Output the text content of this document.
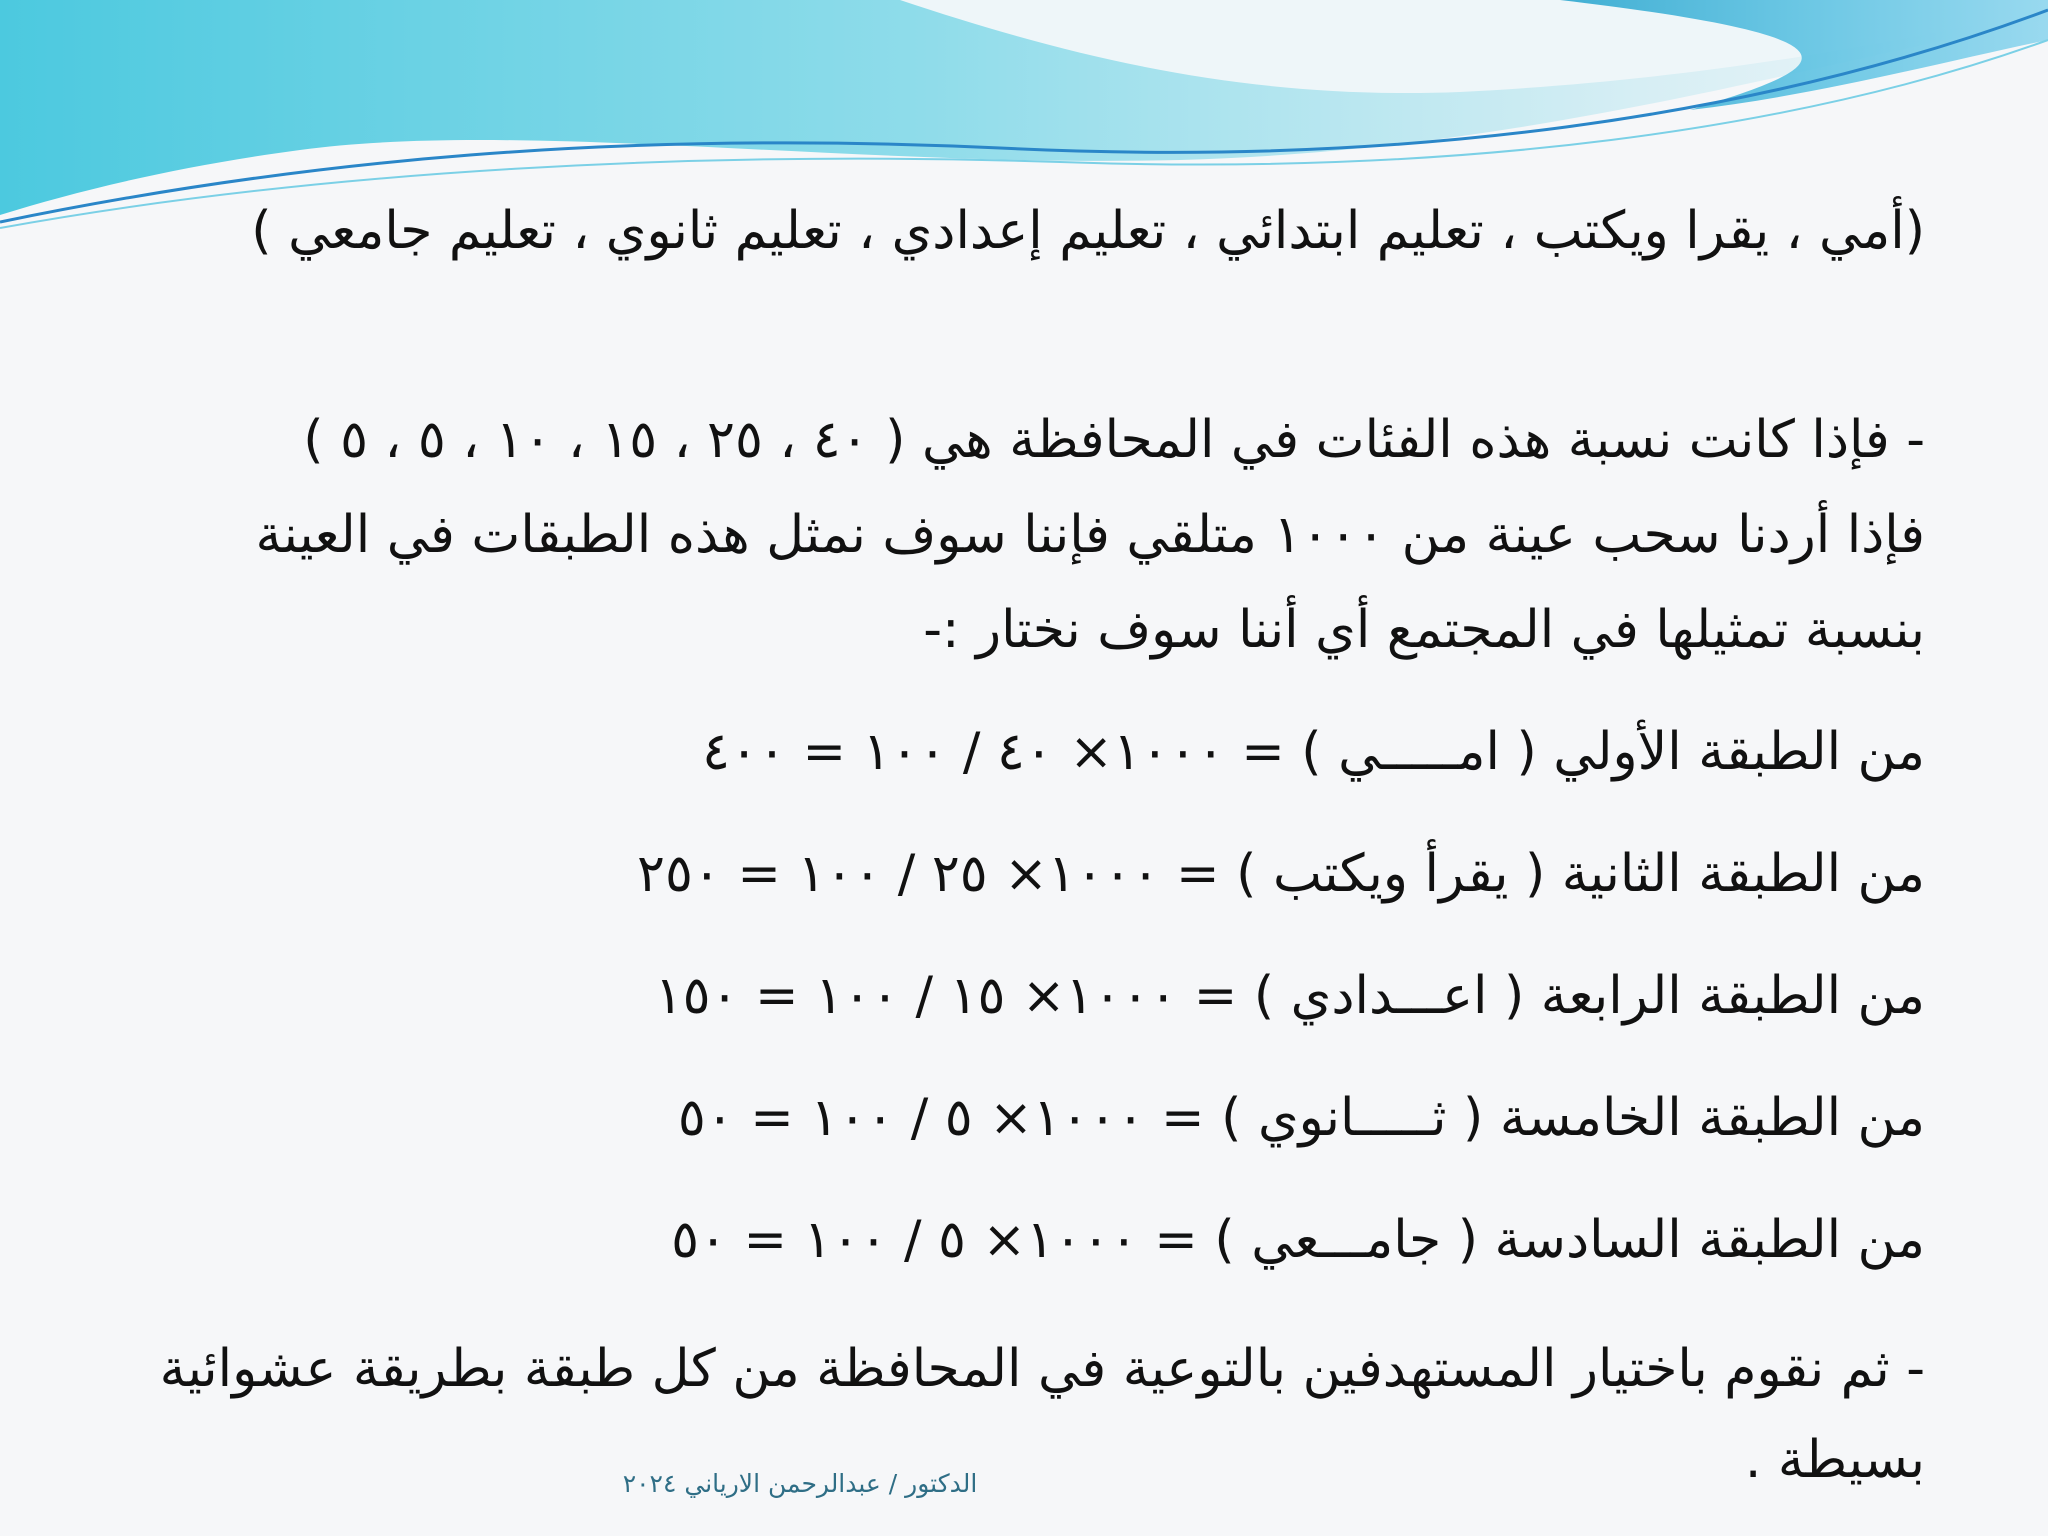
(أمي ، يقرا ويكتب ، تعليم ابتدائي ، تعليم إعدادي ، تعليم ثانوي ، تعليم جامعي )
- فإذا كانت نسبة هذه الفئات في المحافظة هي ( ٤٠ ، ٢٥ ، ١٥ ، ١٠ ، ٥ ، ٥ )
فإذا أردنا سحب عينة من ١٠٠٠ متلقي فإننا سوف نمثل هذه الطبقات في العينة
بنسبة تمثيلها في المجتمع أي أننا سوف نختار :-
من الطبقة الأولي ( امـــــي ) = ١٠٠٠× ٤٠ / ١٠٠ = ٤٠٠
من الطبقة الثانية ( يقرأ ويكتب ) = ١٠٠٠× ٢٥ / ١٠٠ = ٢٥٠
من الطبقة الرابعة ( اعـــدادي ) = ١٠٠٠× ١٥ / ١٠٠ = ١٥٠
من الطبقة الخامسة ( ثـــــانوي ) = ١٠٠٠× ٥ / ١٠٠ = ٥٠
من الطبقة السادسة ( جامـــعي ) = ١٠٠٠× ٥ / ١٠٠ = ٥٠
- ثم نقوم باختيار المستهدفين بالتوعية في المحافظة من كل طبقة بطريقة عشوائية
بسيطة .
الدكتور / عبدالرحمن الارياني ٢٠٢٤
